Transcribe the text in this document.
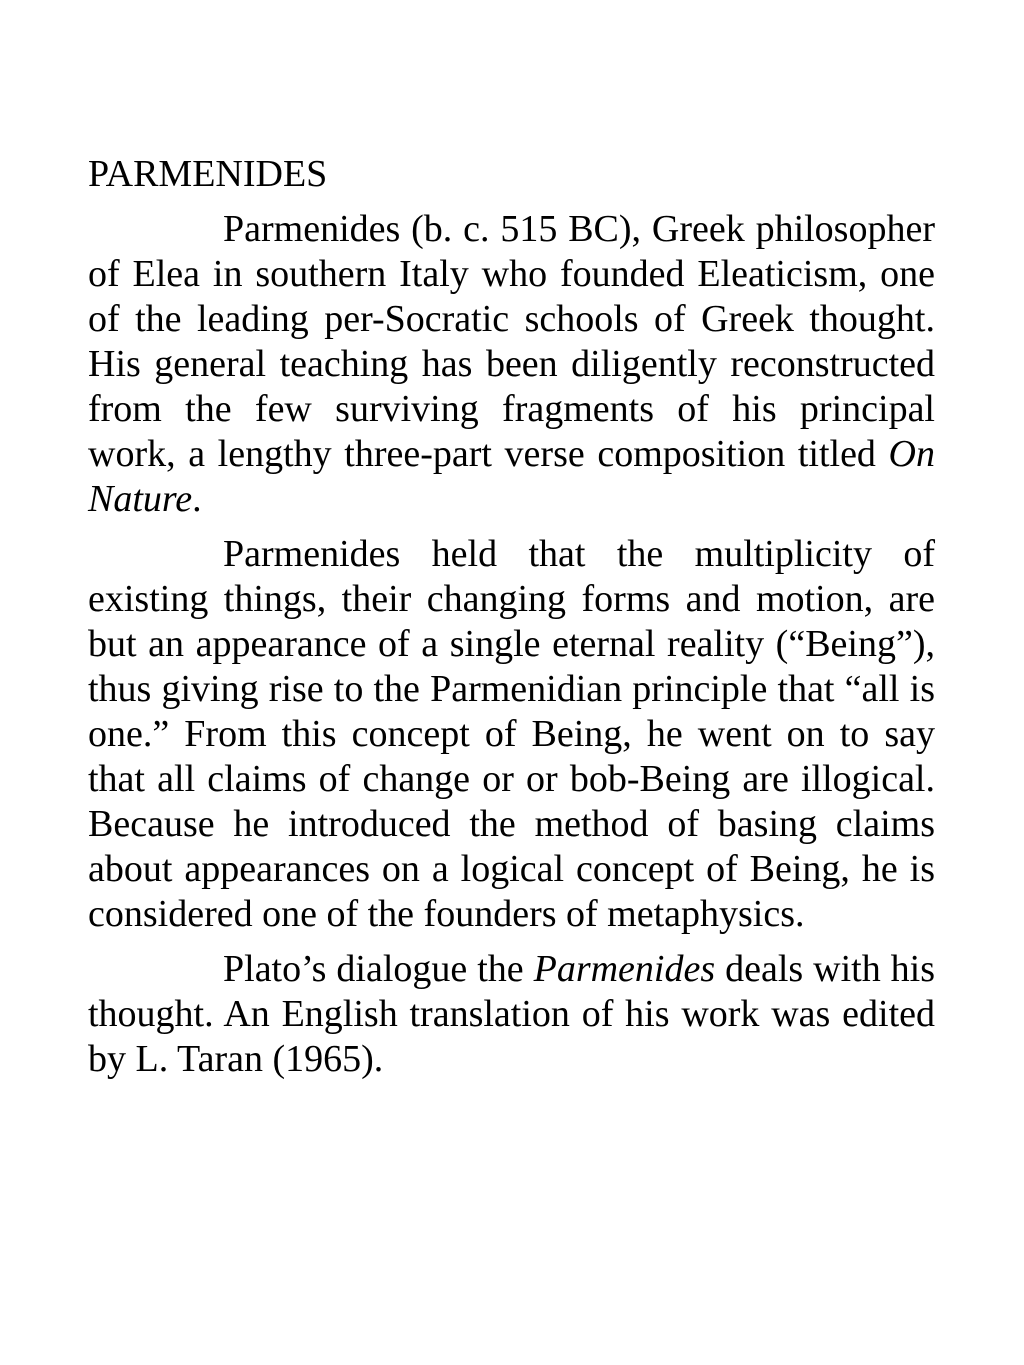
PARMENIDES

Parmenides (b. c. 515 BC), Greek philosopher of Elea in southern Italy who founded Eleaticism, one of the leading per-Socratic schools of Greek thought. His general teaching has been diligently reconstructed from the few surviving fragments of his principal work, a lengthy three-part verse composition titled On Nature.

Parmenides held that the multiplicity of existing things, their changing forms and motion, are but an appearance of a single eternal reality (“Being”), thus giving rise to the Parmenidian principle that “all is one.” From this concept of Being, he went on to say that all claims of change or or bob-Being are illogical. Because he introduced the method of basing claims about appearances on a logical concept of Being, he is considered one of the founders of metaphysics.

Plato’s dialogue the Parmenides deals with his thought. An English translation of his work was edited by L. Taran (1965).
